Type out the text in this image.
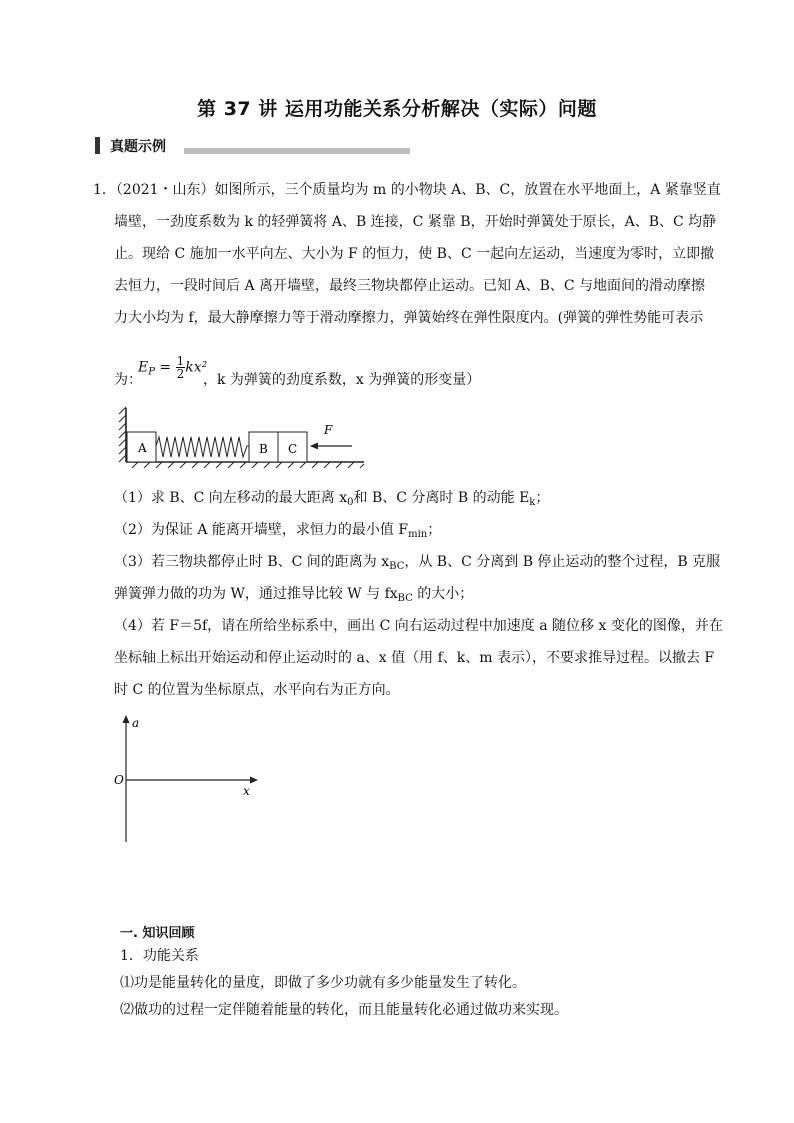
第 37 讲 运用功能关系分析解决（实际）问题
真题示例
1．（2021・山东）如图所示，三个质量均为 m 的小物块 A、B、C，放置在水平地面上，A 紧靠竖直
墙壁，一劲度系数为 k 的轻弹簧将 A、B 连接，C 紧靠 B，开始时弹簧处于原长，A、B、C 均静
止。现给 C 施加一水平向左、大小为 F 的恒力，使 B、C 一起向左运动，当速度为零时，立即撤
去恒力，一段时间后 A 离开墙壁，最终三物块都停止运动。已知 A、B、C 与地面间的滑动摩擦
力大小均为 f，最大静摩擦力等于滑动摩擦力，弹簧始终在弹性限度内。(弹簧的弹性势能可表示
为：
$E_P = \frac{1}{2} kx^2$
，k 为弹簧的劲度系数，x 为弹簧的形变量）
A	B C
F
（1）求 B、C 向左移动的最大距离 $x_0$和 B、C 分离时 B 的动能 $E_k$；
（2）为保证 A 能离开墙壁，求恒力的最小值 $F_{min}$；
（3）若三物块都停止时 B、C 间的距离为 $x_{BC}$，从 B、C 分离到 B 停止运动的整个过程，B 克服
弹簧弹力做的功为 W，通过推导比较 W 与 $fx_{BC}$ 的大小；
（4）若 F＝5f，请在所给坐标系中，画出 C 向右运动过程中加速度 a 随位移 x 变化的图像，并在
坐标轴上标出开始运动和停止运动时的 a、x 值（用 f、k、m 表示），不要求推导过程。以撤去 F
时 C 的位置为坐标原点，水平向右为正方向。
a
x
O
一. 知识回顾
1．功能关系
⑴功是能量转化的量度，即做了多少功就有多少能量发生了转化。
⑵做功的过程一定伴随着能量的转化，而且能量转化必通过做功来实现。
